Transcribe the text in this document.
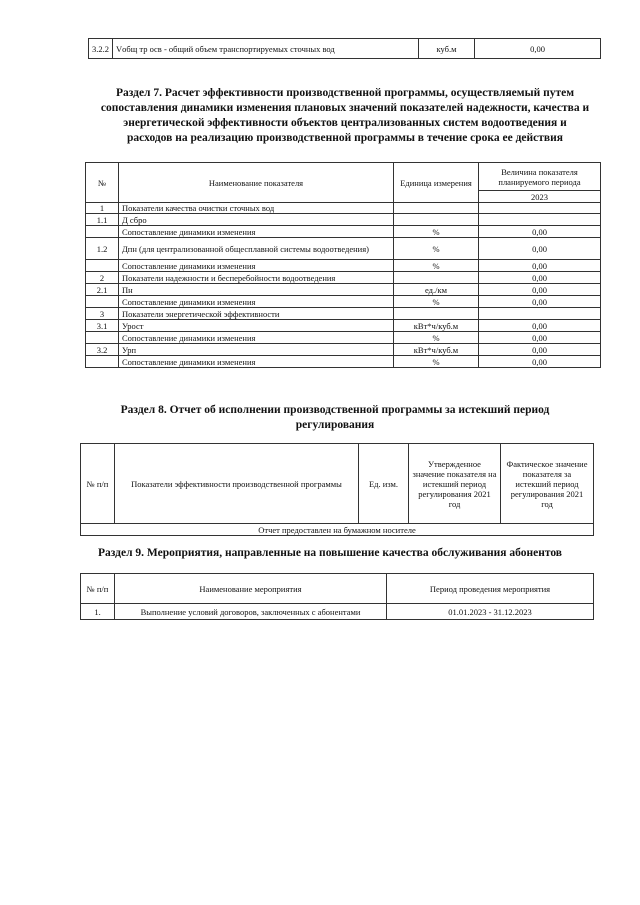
3.2.2	Vобщ тр осв - общий объем транспортируемых сточных вод	куб.м	0,00
Раздел 7. Расчет эффективности производственной программы, осуществляемый путем сопоставления динамики изменения плановых значений показателей надежности, качества и энергетической эффективности объектов централизованных систем водоотведения и расходов на реализацию производственной программы в течение срока ее действия
№	Наименование показателя	Единица измерения	Величина показателя планируемого периода
			2023
1	Показатели качества очистки сточных вод		
1.1	Д сбро		
	Сопоставление динамики изменения	%	0,00
1.2	Дпн (для централизованной общесплавной системы водоотведения)	%	0,00
	Сопоставление динамики изменения	%	0,00
2	Показатели надежности и бесперебойности водоотведения		0,00
2.1	Пн	ед./км	0,00
	Сопоставление динамики изменения	%	0,00
3	Показатели энергетической эффективности		
3.1	Урост	кВт*ч/куб.м	0,00
	Сопоставление динамики изменения	%	0,00
3.2	Урп	кВт*ч/куб.м	0,00
	Сопоставление динамики изменения	%	0,00
Раздел 8. Отчет об исполнении производственной программы за истекший период регулирования
№ п/п	Показатели эффективности производственной программы	Ед. изм.	Утвержденное значение показателя на истекший период регулирования 2021 год	Фактическое значение показателя за истекший период регулирования 2021 год
Отчет предоставлен на бумажном носителе
Раздел 9. Мероприятия, направленные на повышение качества обслуживания абонентов
№ п/п	Наименование мероприятия	Период проведения мероприятия
1.	Выполнение условий договоров, заключенных с абонентами	01.01.2023 - 31.12.2023
